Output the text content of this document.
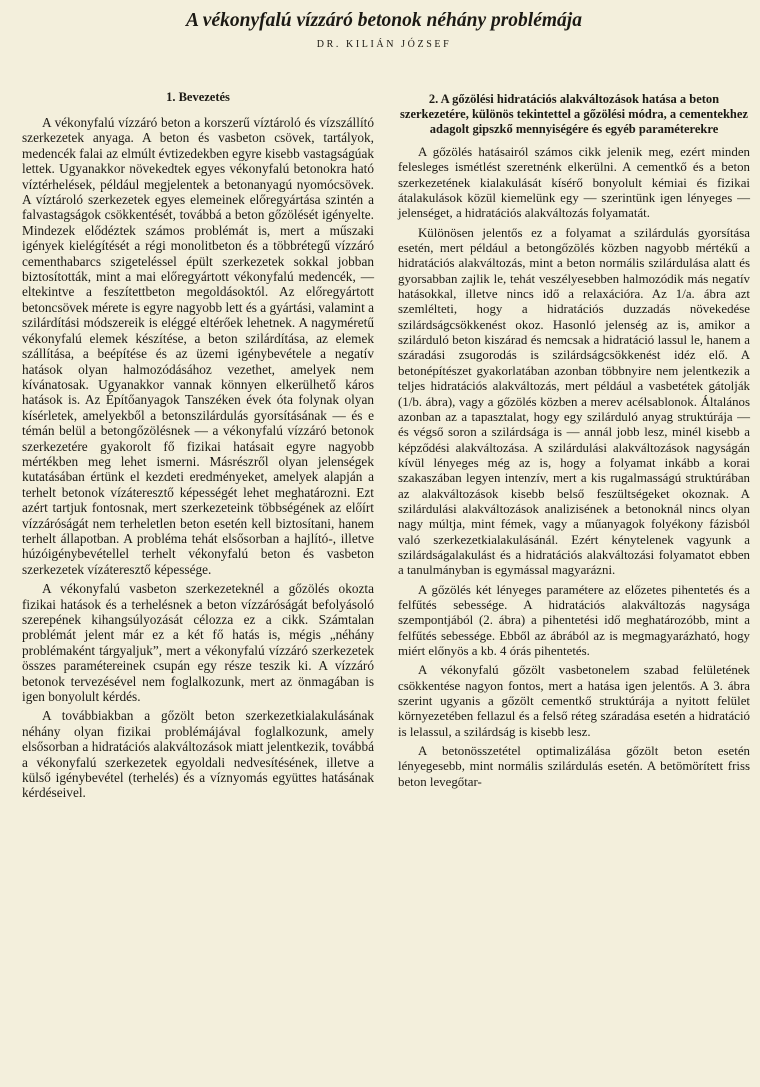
A vékonyfalú vízzáró betonok néhány problémája

DR. KILIÁN JÓZSEF

1. Bevezetés

A vékonyfalú vízzáró beton a korszerű víztároló és vízszállító szerkezetek anyaga. A beton és vasbeton csövek, tartályok, medencék falai az elmúlt évtizedekben egyre kisebb vastagságúak lettek. Ugyanakkor növekedtek egyes vékonyfalú betonokra ható víztérhelések, például megjelentek a betonanyagú nyomócsövek. A víztároló szerkezetek egyes elemeinek előregyártása szintén a falvastagságok csökkentését, továbbá a beton gőzölését igényelte. Mindezek elődéztek számos problémát is, mert a műszaki igények kielégítését a régi monolitbeton és a többrétegű vízzáró cementhabarcs szigeteléssel épült szerkezetek sokkal jobban biztosították, mint a mai előregyártott vékonyfalú medencék, — eltekintve a feszítettbeton megoldásoktól. Az előregyártott betoncsövek mérete is egyre nagyobb lett és a gyártási, valamint a szilárdítási módszereik is eléggé eltérőek lehetnek. A nagyméretű vékonyfalú elemek készítése, a beton szilárdítása, az elemek szállítása, a beépítése és az üzemi igénybevétele a negatív hatások olyan halmozódásához vezethet, amelyek nem kívánatosak. Ugyanakkor vannak könnyen elkerülhető káros hatások is. Az Építőanyagok Tanszéken évek óta folynak olyan kísérletek, amelyekből a betonszilárdulás gyorsításának — és e témán belül a betongőzölésnek — a vékonyfalú vízzáró betonok szerkezetére gyakorolt fő fizikai hatásait egyre nagyobb mértékben meg lehet ismerni. Másrészről olyan jelenségek kutatásában értünk el kezdeti eredményeket, amelyek alapján a terhelt betonok vízáteresztő képességét lehet meghatározni. Ezt azért tartjuk fontosnak, mert szerkezeteink többségének az előírt vízzáróságát nem terheletlen beton esetén kell biztosítani, hanem terhelt állapotban. A probléma tehát elsősorban a hajlító-, illetve húzóigénybevétellel terhelt vékonyfalú beton és vasbeton szerkezetek vízáteresztő képessége.

A vékonyfalú vasbeton szerkezeteknél a gőzölés okozta fizikai hatások és a terhelésnek a beton vízzáróságát befolyásoló szerepének kihangsúlyozását célozza ez a cikk. Számtalan problémát jelent már ez a két fő hatás is, mégis „néhány problémaként tárgyaljuk”, mert a vékonyfalú vízzáró szerkezetek összes paramétereinek csupán egy része teszik ki. A vízzáró betonok tervezésével nem foglalkozunk, mert az önmagában is igen bonyolult kérdés.

A továbbiakban a gőzölt beton szerkezetkialakulásának néhány olyan fizikai problémájával foglalkozunk, amely elsősorban a hidratációs alakváltozások miatt jelentkezik, továbbá a vékonyfalú szerkezetek egyoldali nedvesítésének, illetve a külső igénybevétel (terhelés) és a víznyomás együttes hatásának kérdéseivel.

2. A gőzölési hidratációs alakváltozások hatása a beton szerkezetére, különös tekintettel a gőzölési módra, a cementekhez adagolt gipszkő mennyiségére és egyéb paraméterekre

A gőzölés hatásairól számos cikk jelenik meg, ezért minden felesleges ismétlést szeretnénk elkerülni. A cementkő és a beton szerkezetének kialakulását kísérő bonyolult kémiai és fizikai átalakulások közül kiemelünk egy — szerintünk igen lényeges — jelenséget, a hidratációs alakváltozás folyamatát.

Különösen jelentős ez a folyamat a szilárdulás gyorsítása esetén, mert például a betongőzölés közben nagyobb mértékű a hidratációs alakváltozás, mint a beton normális szilárdulása alatt és gyorsabban zajlik le, tehát veszélyesebben halmozódik más negatív hatásokkal, illetve nincs idő a relaxációra. Az 1/a. ábra azt szemlélteti, hogy a hidratációs duzzadás növekedése szilárdságcsökkenést okoz. Hasonló jelenség az is, amikor a szilárduló beton kiszárad és nemcsak a hidratáció lassul le, hanem a száradási zsugorodás is szilárdságcsökkenést idéz elő. A betonépítészet gyakorlatában azonban többnyire nem jelentkezik a teljes hidratációs alakváltozás, mert például a vasbetétek gátolják (1/b. ábra), vagy a gőzölés közben a merev acélsablonok. Általános azonban az a tapasztalat, hogy egy szilárduló anyag struktúrája — és végső soron a szilárdsága is — annál jobb lesz, minél kisebb a képződési alakváltozása. A szilárdulási alakváltozások nagyságán kívül lényeges még az is, hogy a folyamat inkább a korai szakaszában legyen intenzív, mert a kis rugalmasságú struktúrában az alakváltozások kisebb belső feszültségeket okoznak. A szilárdulási alakváltozások analizisének a betonoknál nincs olyan nagy múltja, mint fémek, vagy a műanyagok folyékony fázisból való szerkezetkialakulásánál. Ezért kénytelenek vagyunk a szilárdságalakulást és a hidratációs alakváltozási folyamatot ebben a tanulmányban is egymással magyarázni.

A gőzölés két lényeges paramétere az előzetes pihentetés és a felfűtés sebessége. A hidratációs alakváltozás nagysága szempontjából (2. ábra) a pihentetési idő meghatározóbb, mint a felfűtés sebessége. Ebből az ábrából az is megmagyarázható, hogy miért előnyös a kb. 4 órás pihentetés.

A vékonyfalú gőzölt vasbetonelem szabad felületének csökkentése nagyon fontos, mert a hatása igen jelentős. A 3. ábra szerint ugyanis a gőzölt cementkő struktúrája a nyitott felület környezetében fellazul és a felső réteg száradása esetén a hidratáció is lelassul, a szilárdság is kisebb lesz.

A betonösszetétel optimalizálása gőzölt beton esetén lényegesebb, mint normális szilárdulás esetén. A betömörített friss beton levegőtar-
